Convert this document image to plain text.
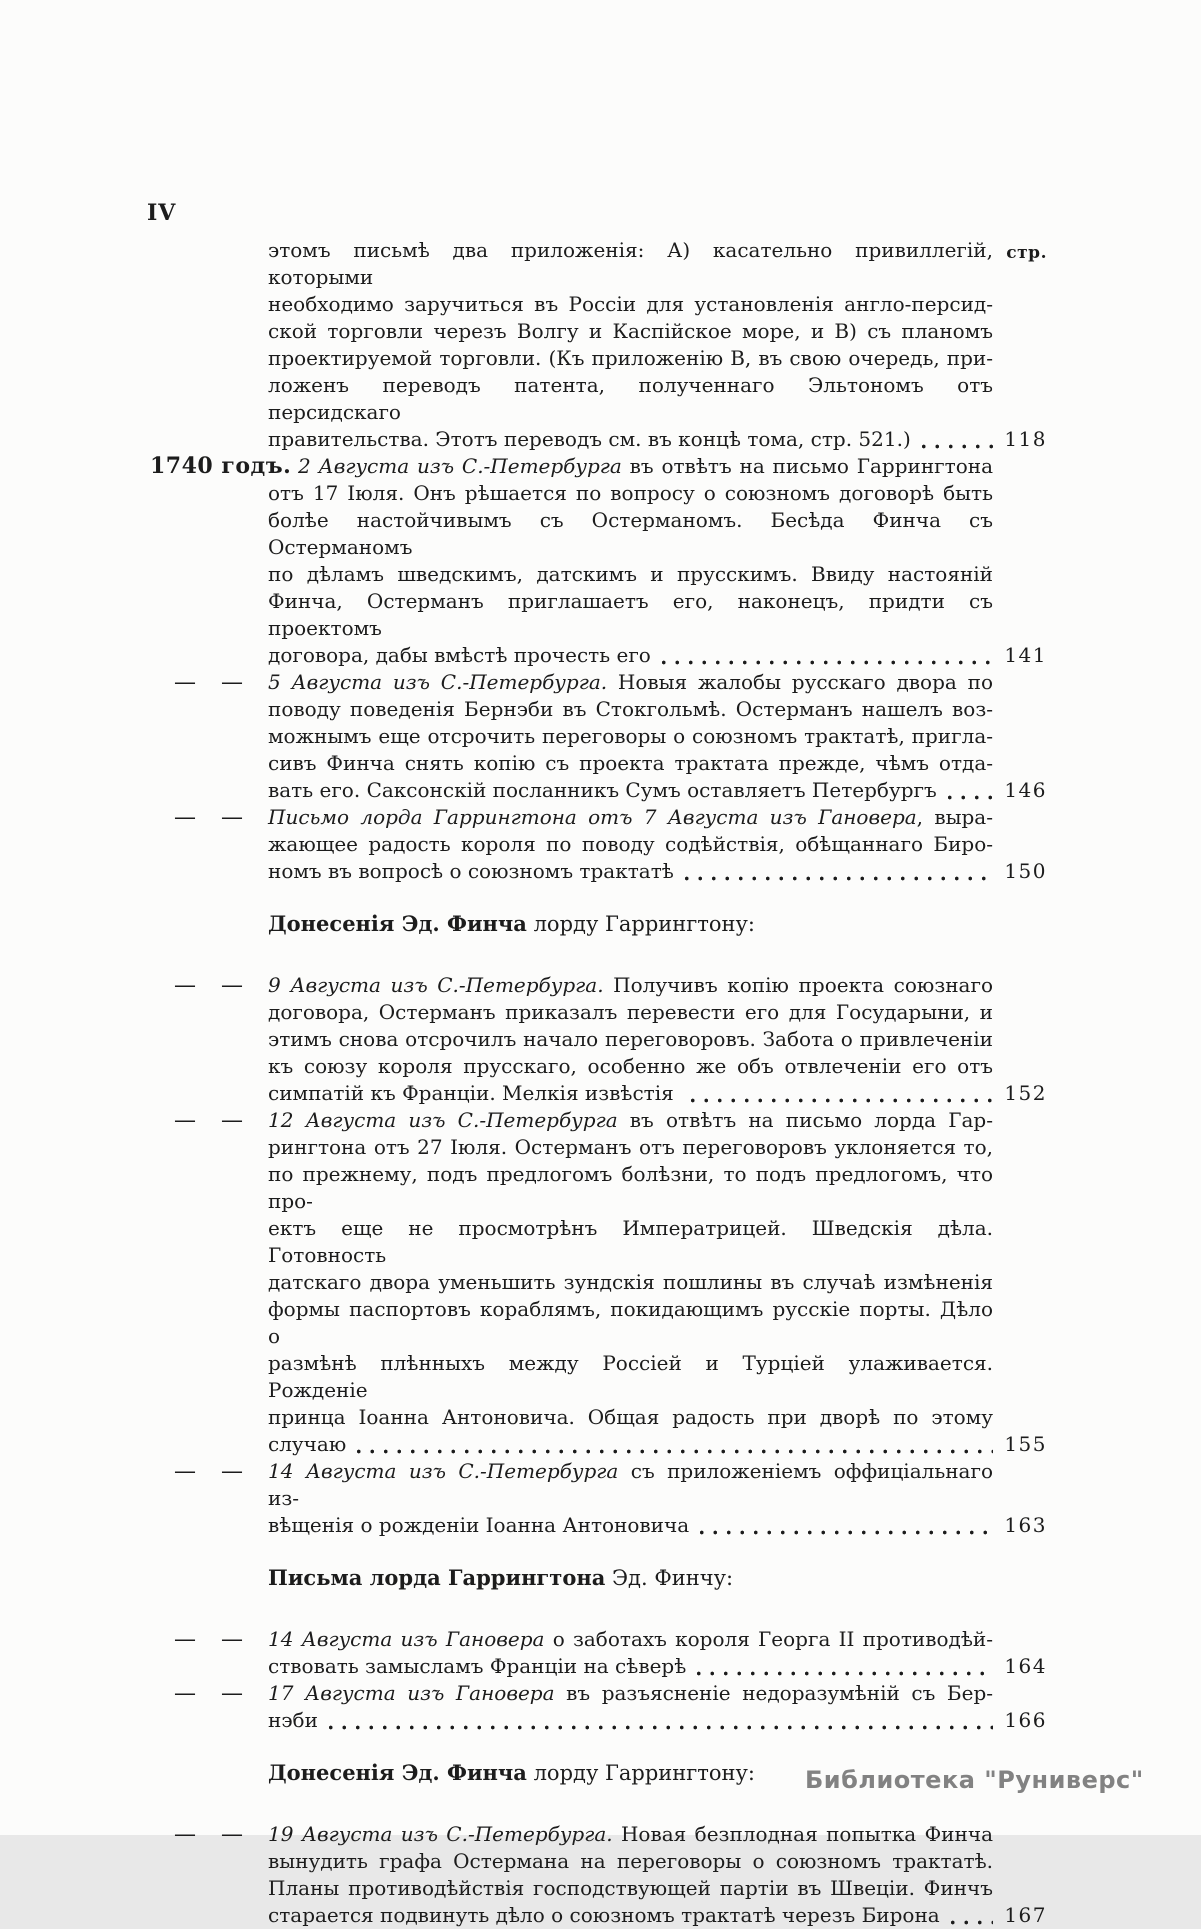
IV
стр.
этомъ письмѣ два приложенія: А) касательно привиллегій, которыми
необходимо заручиться въ Россіи для установленія англо-персид-
ской торговли черезъ Волгу и Каспійское море, и В) съ планомъ
проектируемой торговли. (Къ приложенію В, въ свою очередь, при-
ложенъ переводъ патента, полученнаго Эльтономъ отъ персидскаго
правительства. Этотъ переводъ см. въ концѣ тома, стр. 521.)	118
1740 годъ. 2 Августа изъ С.-Петербурга въ отвѣтъ на письмо Гаррингтона
отъ 17 Іюля. Онъ рѣшается по вопросу о союзномъ договорѣ быть
болѣе настойчивымъ съ Остерманомъ. Бесѣда Финча съ Остерманомъ
по дѣламъ шведскимъ, датскимъ и прусскимъ. Ввиду настояній
Финча, Остерманъ приглашаетъ его, наконецъ, придти съ проектомъ
договора, дабы вмѣстѣ прочесть его	141
— — 5 Августа изъ С.-Петербурга. Новыя жалобы русскаго двора по
поводу поведенія Бернэби въ Стокгольмѣ. Остерманъ нашелъ воз-
можнымъ еще отсрочить переговоры о союзномъ трактатѣ, пригла-
сивъ Финча снять копію съ проекта трактата прежде, чѣмъ отда-
вать его. Саксонскій посланникъ Сумъ оставляетъ Петербургъ	146
— — Письмо лорда Гаррингтона отъ 7 Августа изъ Гановера, выра-
жающее радость короля по поводу содѣйствія, обѣщаннаго Биро-
номъ въ вопросѣ о союзномъ трактатѣ	150
Донесенія Эд. Финча лорду Гаррингтону:
— — 9 Августа изъ С.-Петербурга. Получивъ копію проекта союзнаго
договора, Остерманъ приказалъ перевести его для Государыни, и
этимъ снова отсрочилъ начало переговоровъ. Забота о привлеченіи
къ союзу короля прусскаго, особенно же объ отвлеченіи его отъ
симпатій къ Франціи. Мелкія извѣстія	152
— — 12 Августа изъ С.-Петербурга въ отвѣтъ на письмо лорда Гар-
рингтона отъ 27 Іюля. Остерманъ отъ переговоровъ уклоняется то,
по прежнему, подъ предлогомъ болѣзни, то подъ предлогомъ, что про-
ектъ еще не просмотрѣнъ Императрицей. Шведскія дѣла. Готовность
датскаго двора уменьшить зундскія пошлины въ случаѣ измѣненія
формы паспортовъ кораблямъ, покидающимъ русскіе порты. Дѣло о
размѣнѣ плѣнныхъ между Россіей и Турціей улаживается. Рожденіе
принца Іоанна Антоновича. Общая радость при дворѣ по этому
случаю	155
— — 14 Августа изъ С.-Петербурга съ приложеніемъ оффиціальнаго из-
вѣщенія о рожденіи Іоанна Антоновича	163
Письма лорда Гаррингтона Эд. Финчу:
— — 14 Августа изъ Гановера о заботахъ короля Георга II противодѣй-
ствовать замысламъ Франціи на сѣверѣ	164
— — 17 Августа изъ Гановера въ разъясненіе недоразумѣній съ Бер-
нэби	166
Донесенія Эд. Финча лорду Гаррингтону:
— — 19 Августа изъ С.-Петербурга. Новая безплодная попытка Финча
вынудить графа Остермана на переговоры о союзномъ трактатѣ.
Планы противодѣйствія господствующей партіи въ Швеціи. Финчъ
старается подвинуть дѣло о союзномъ трактатѣ черезъ Бирона	167
Библиотека "Руниверс"
